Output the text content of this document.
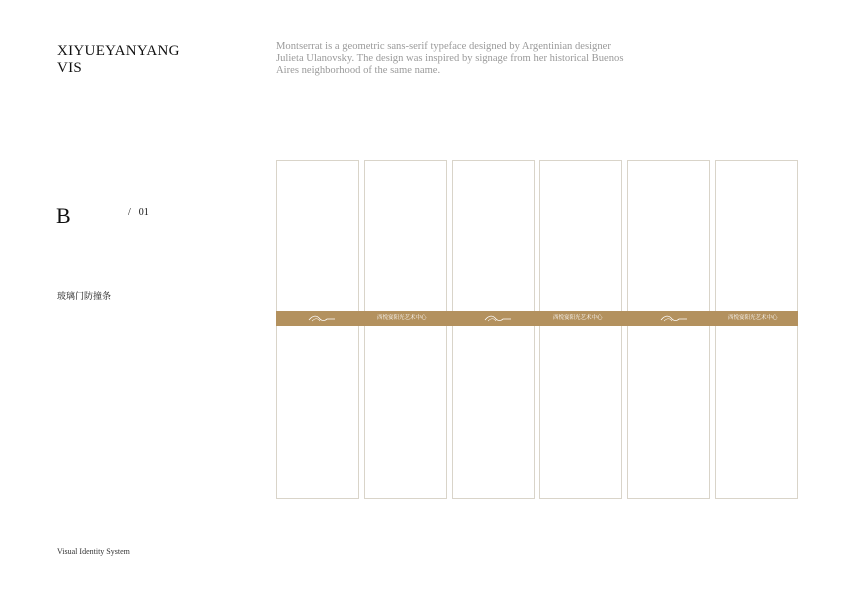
XIYUEYANYANG
VIS
Montserrat is a geometric sans-serif typeface designed by Argentinian designer Julieta Ulanovsky. The design was inspired by signage from her historical Buenos Aires neighborhood of the same name.
B	/ 01
玻璃门防撞条
西悦宴阳光艺术中心	西悦宴阳光艺术中心	西悦宴阳光艺术中心
Visual Identity System
